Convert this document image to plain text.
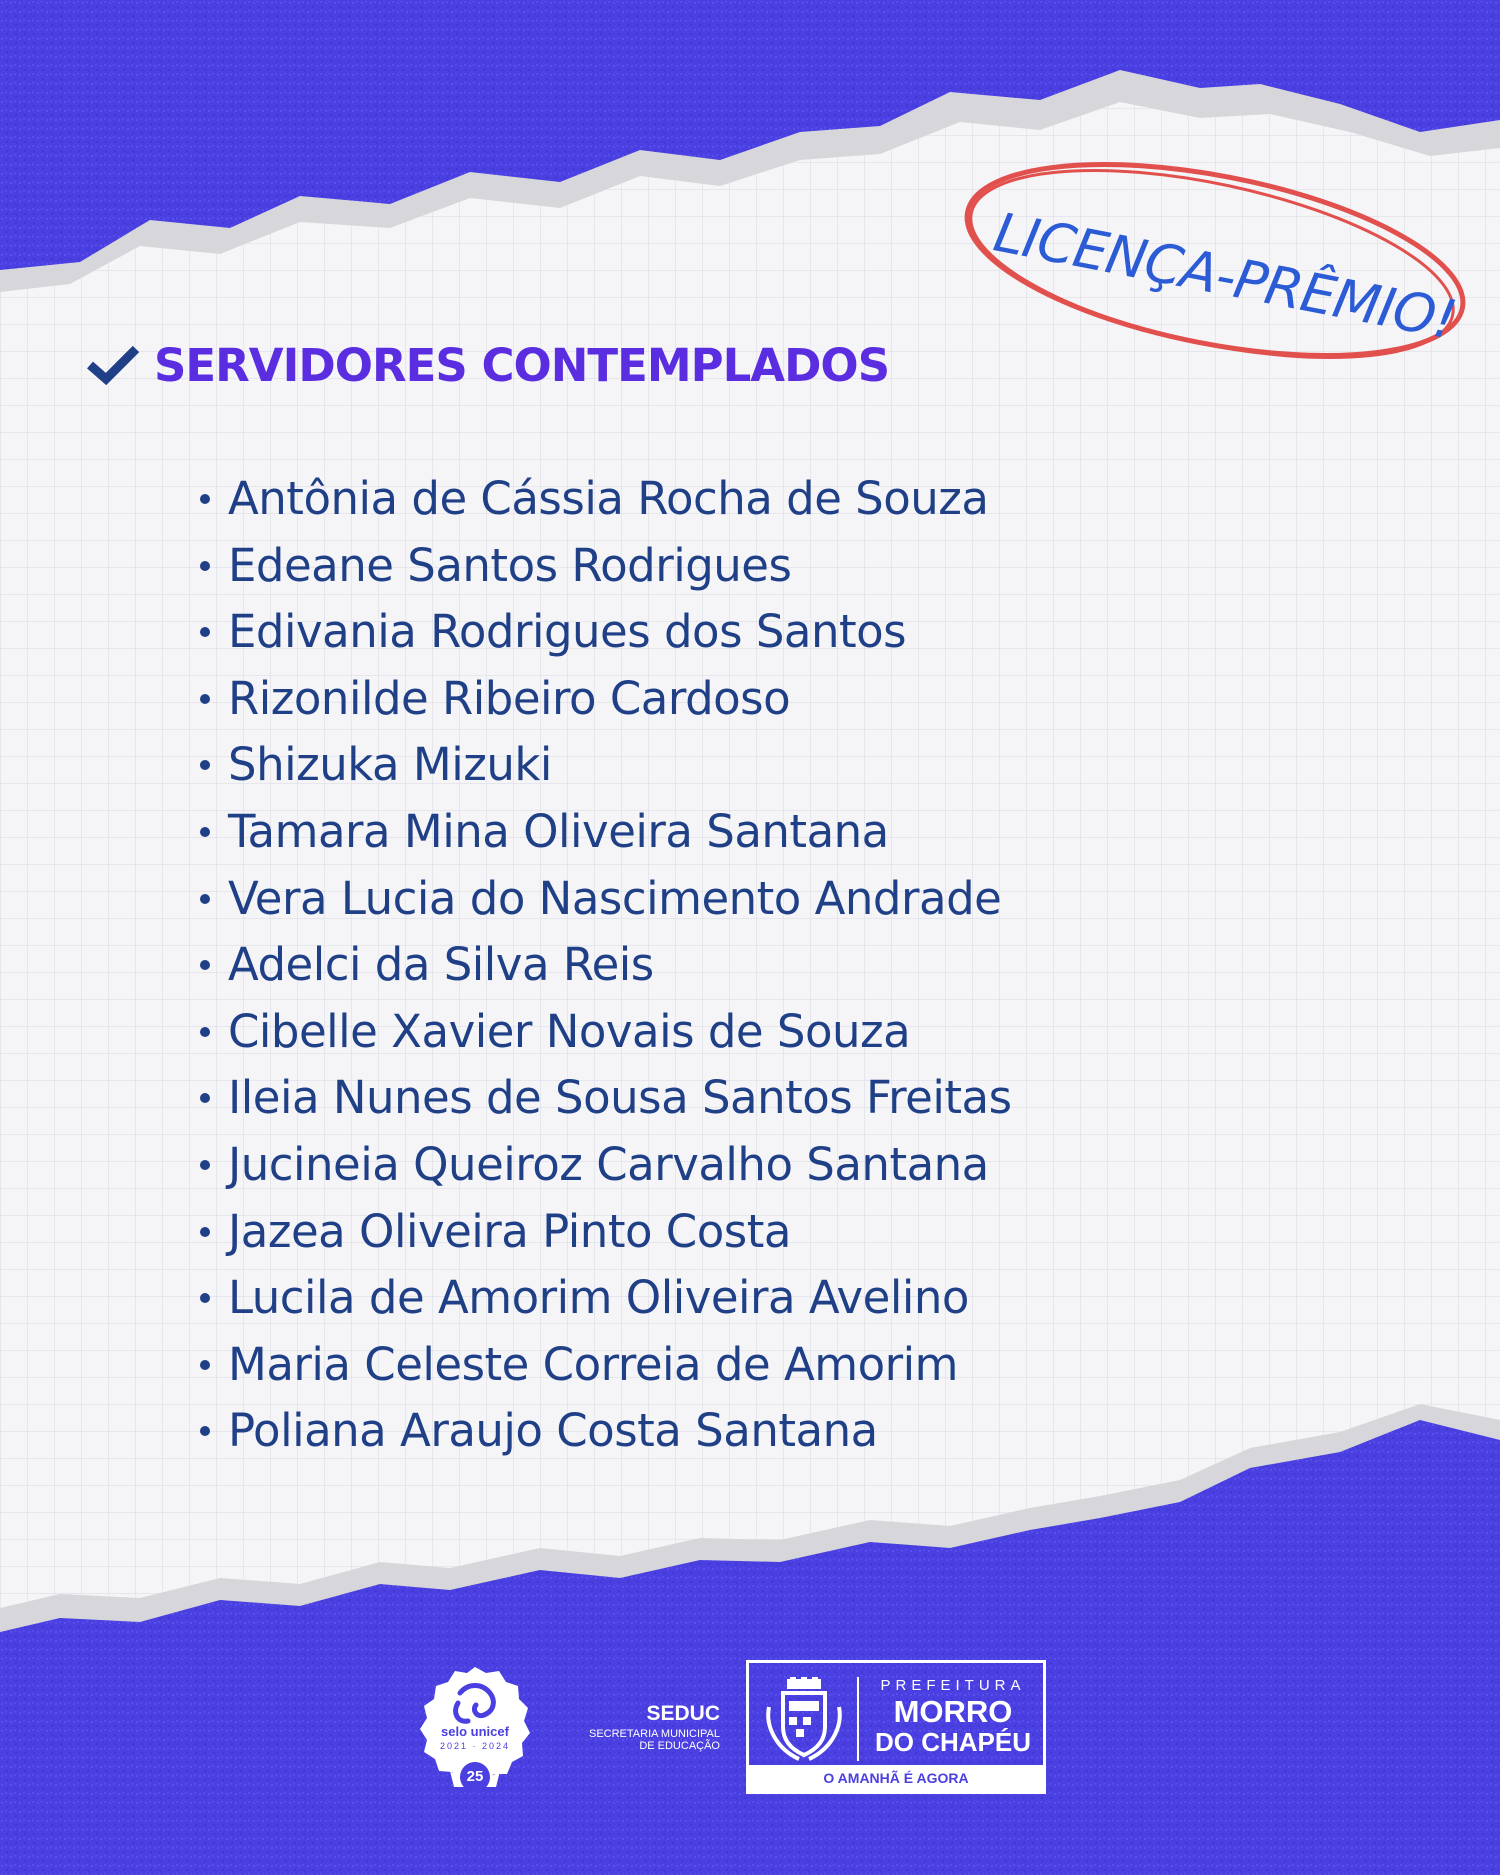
LICENÇA-PRÊMIO!
SERVIDORES CONTEMPLADOS
Antônia de Cássia Rocha de Souza
Edeane Santos Rodrigues
Edivania Rodrigues dos Santos
Rizonilde Ribeiro Cardoso
Shizuka Mizuki
Tamara Mina Oliveira Santana
Vera Lucia do Nascimento Andrade
Adelci da Silva Reis
Cibelle Xavier Novais de Souza
Ileia Nunes de Sousa Santos Freitas
Jucineia Queiroz Carvalho Santana
Jazea Oliveira Pinto Costa
Lucila de Amorim Oliveira Avelino
Maria Celeste Correia de Amorim
Poliana Araujo Costa Santana
selo unicef
2021 · 2024
25
SEDUC
SECRETARIA MUNICIPAL
DE EDUCAÇÃO
PREFEITURA
MORRO
DO CHAPÉU
O AMANHÃ É AGORA
